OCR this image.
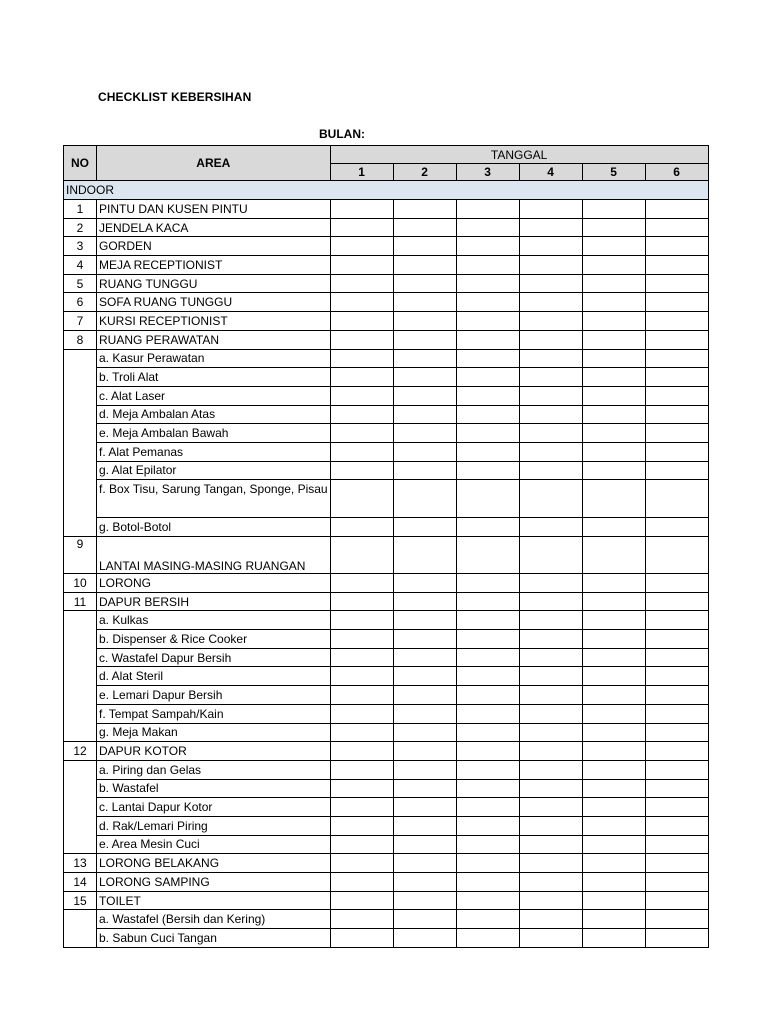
CHECKLIST KEBERSIHAN
BULAN:
NO	AREA	TANGGAL					
		1	2	3	4	5	6
INDOOR							
1	PINTU DAN KUSEN PINTU						
2	JENDELA KACA						
3	GORDEN						
4	MEJA RECEPTIONIST						
5	RUANG TUNGGU						
6	SOFA RUANG TUNGGU						
7	KURSI RECEPTIONIST						
8	RUANG PERAWATAN						
	a. Kasur Perawatan						
	b. Troli Alat						
	c. Alat Laser						
	d. Meja Ambalan Atas						
	e. Meja Ambalan Bawah						
	f. Alat Pemanas						
	g. Alat Epilator						
	f. Box Tisu, Sarung Tangan, Sponge, Pisau						
	g. Botol-Botol						
9	LANTAI MASING-MASING RUANGAN						
10	LORONG						
11	DAPUR BERSIH						
	a. Kulkas						
	b. Dispenser & Rice Cooker						
	c. Wastafel Dapur Bersih						
	d. Alat Steril						
	e. Lemari Dapur Bersih						
	f. Tempat Sampah/Kain						
	g. Meja Makan						
12	DAPUR KOTOR						
	a. Piring dan Gelas						
	b. Wastafel						
	c. Lantai Dapur Kotor						
	d. Rak/Lemari Piring						
	e. Area Mesin Cuci						
13	LORONG BELAKANG						
14	LORONG SAMPING						
15	TOILET						
	a. Wastafel (Bersih dan Kering)						
	b. Sabun Cuci Tangan						
